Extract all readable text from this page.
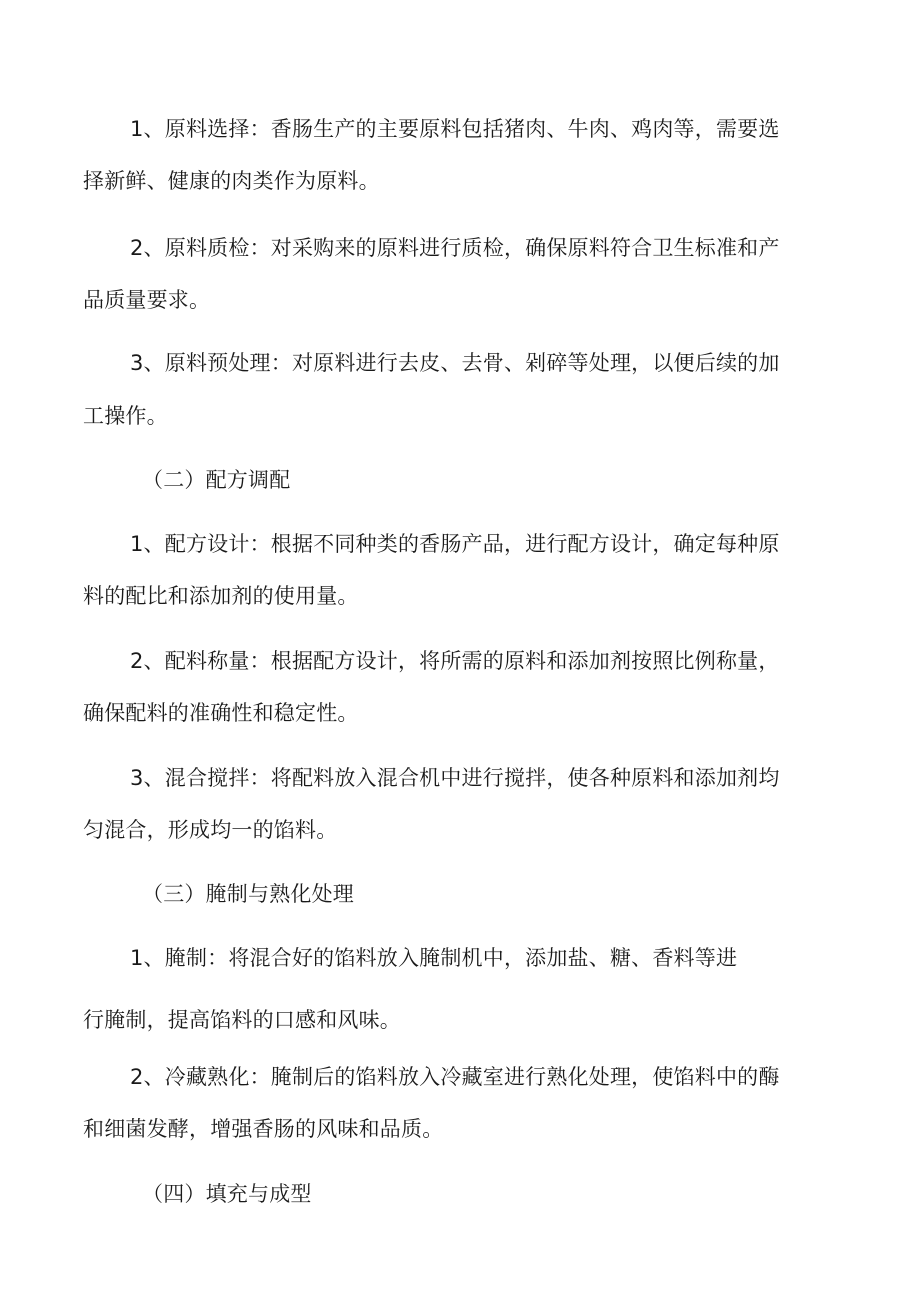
1、原料选择：香肠生产的主要原料包括猪肉、牛肉、鸡肉等，需要选
择新鲜、健康的肉类作为原料。
2、原料质检：对采购来的原料进行质检，确保原料符合卫生标准和产
品质量要求。
3、原料预处理：对原料进行去皮、去骨、剁碎等处理，以便后续的加
工操作。
（二）配方调配
1、配方设计：根据不同种类的香肠产品，进行配方设计，确定每种原
料的配比和添加剂的使用量。
2、配料称量：根据配方设计，将所需的原料和添加剂按照比例称量，
确保配料的准确性和稳定性。
3、混合搅拌：将配料放入混合机中进行搅拌，使各种原料和添加剂均
匀混合，形成均一的馅料。
（三）腌制与熟化处理
1、腌制：将混合好的馅料放入腌制机中，添加盐、糖、香料等进
行腌制，提高馅料的口感和风味。
2、冷藏熟化：腌制后的馅料放入冷藏室进行熟化处理，使馅料中的酶
和细菌发酵，增强香肠的风味和品质。
（四）填充与成型
